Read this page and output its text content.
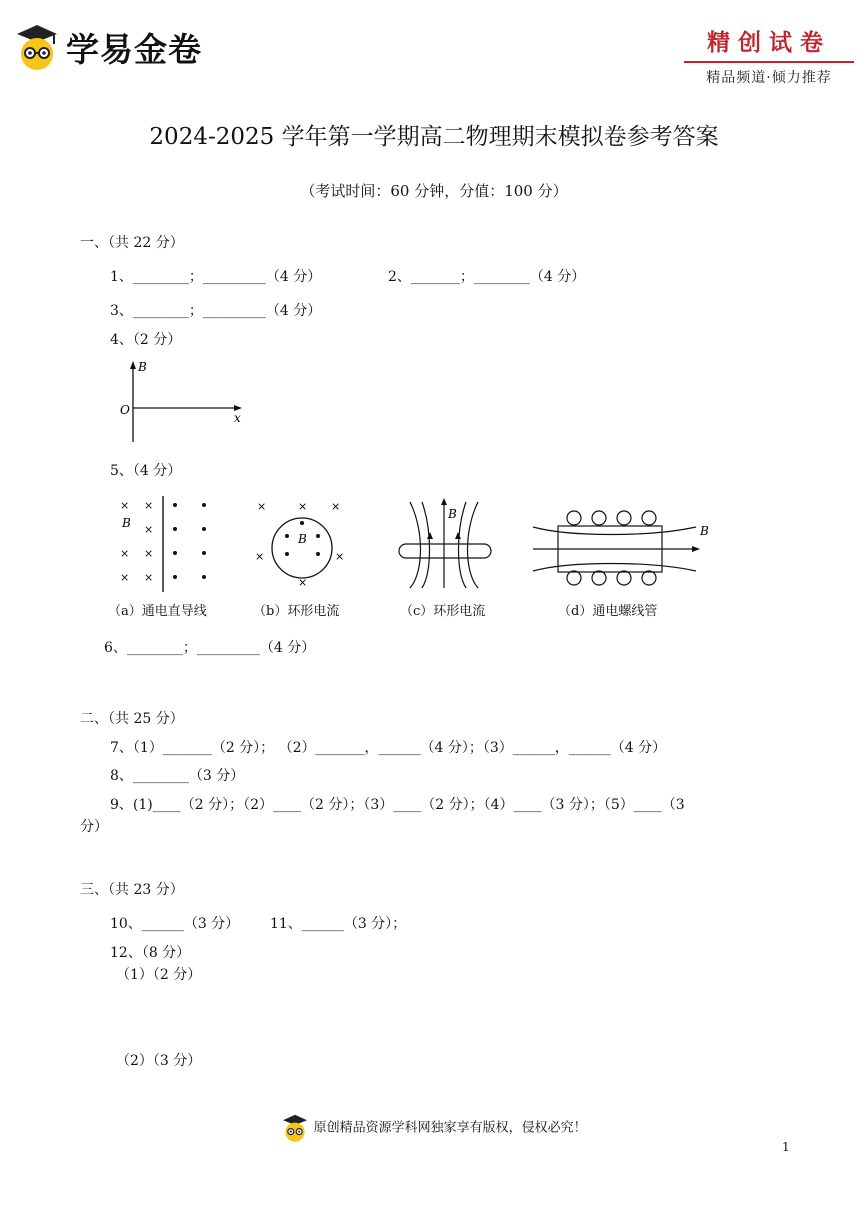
学易金卷	精创试卷
精品频道·倾力推荐
2024-2025 学年第一学期高二物理期末模拟卷参考答案
（考试时间：60 分钟，分值：100 分）
一、（共 22 分）
1、________；_________（4 分）	2、_______；________（4 分）
3、________；_________（4 分）
4、（2 分）
B
x
O
5、（4 分）
× ×
×
× ×
× ×
B
×
×	×
×	×
×
B
B
B
（a）通电直导线	（b）环形电流	（c）环形电流	（d）通电螺线管
6、________；_________（4 分）
二、（共 25 分）
7、（1）_______（2 分）； （2）_______，______（4 分）；（3）______，______（4 分）
8、________（3 分）
9、(1)____（2 分）；（2）____（2 分）；（3）____（2 分）；（4）____（3 分）；（5）____（3
分）
三、（共 23 分）
10、______（3 分） 11、______（3 分）；
12、（8 分）
（1）（2 分）
（2）（3 分）
原创精品资源学科网独家享有版权，侵权必究！
1
